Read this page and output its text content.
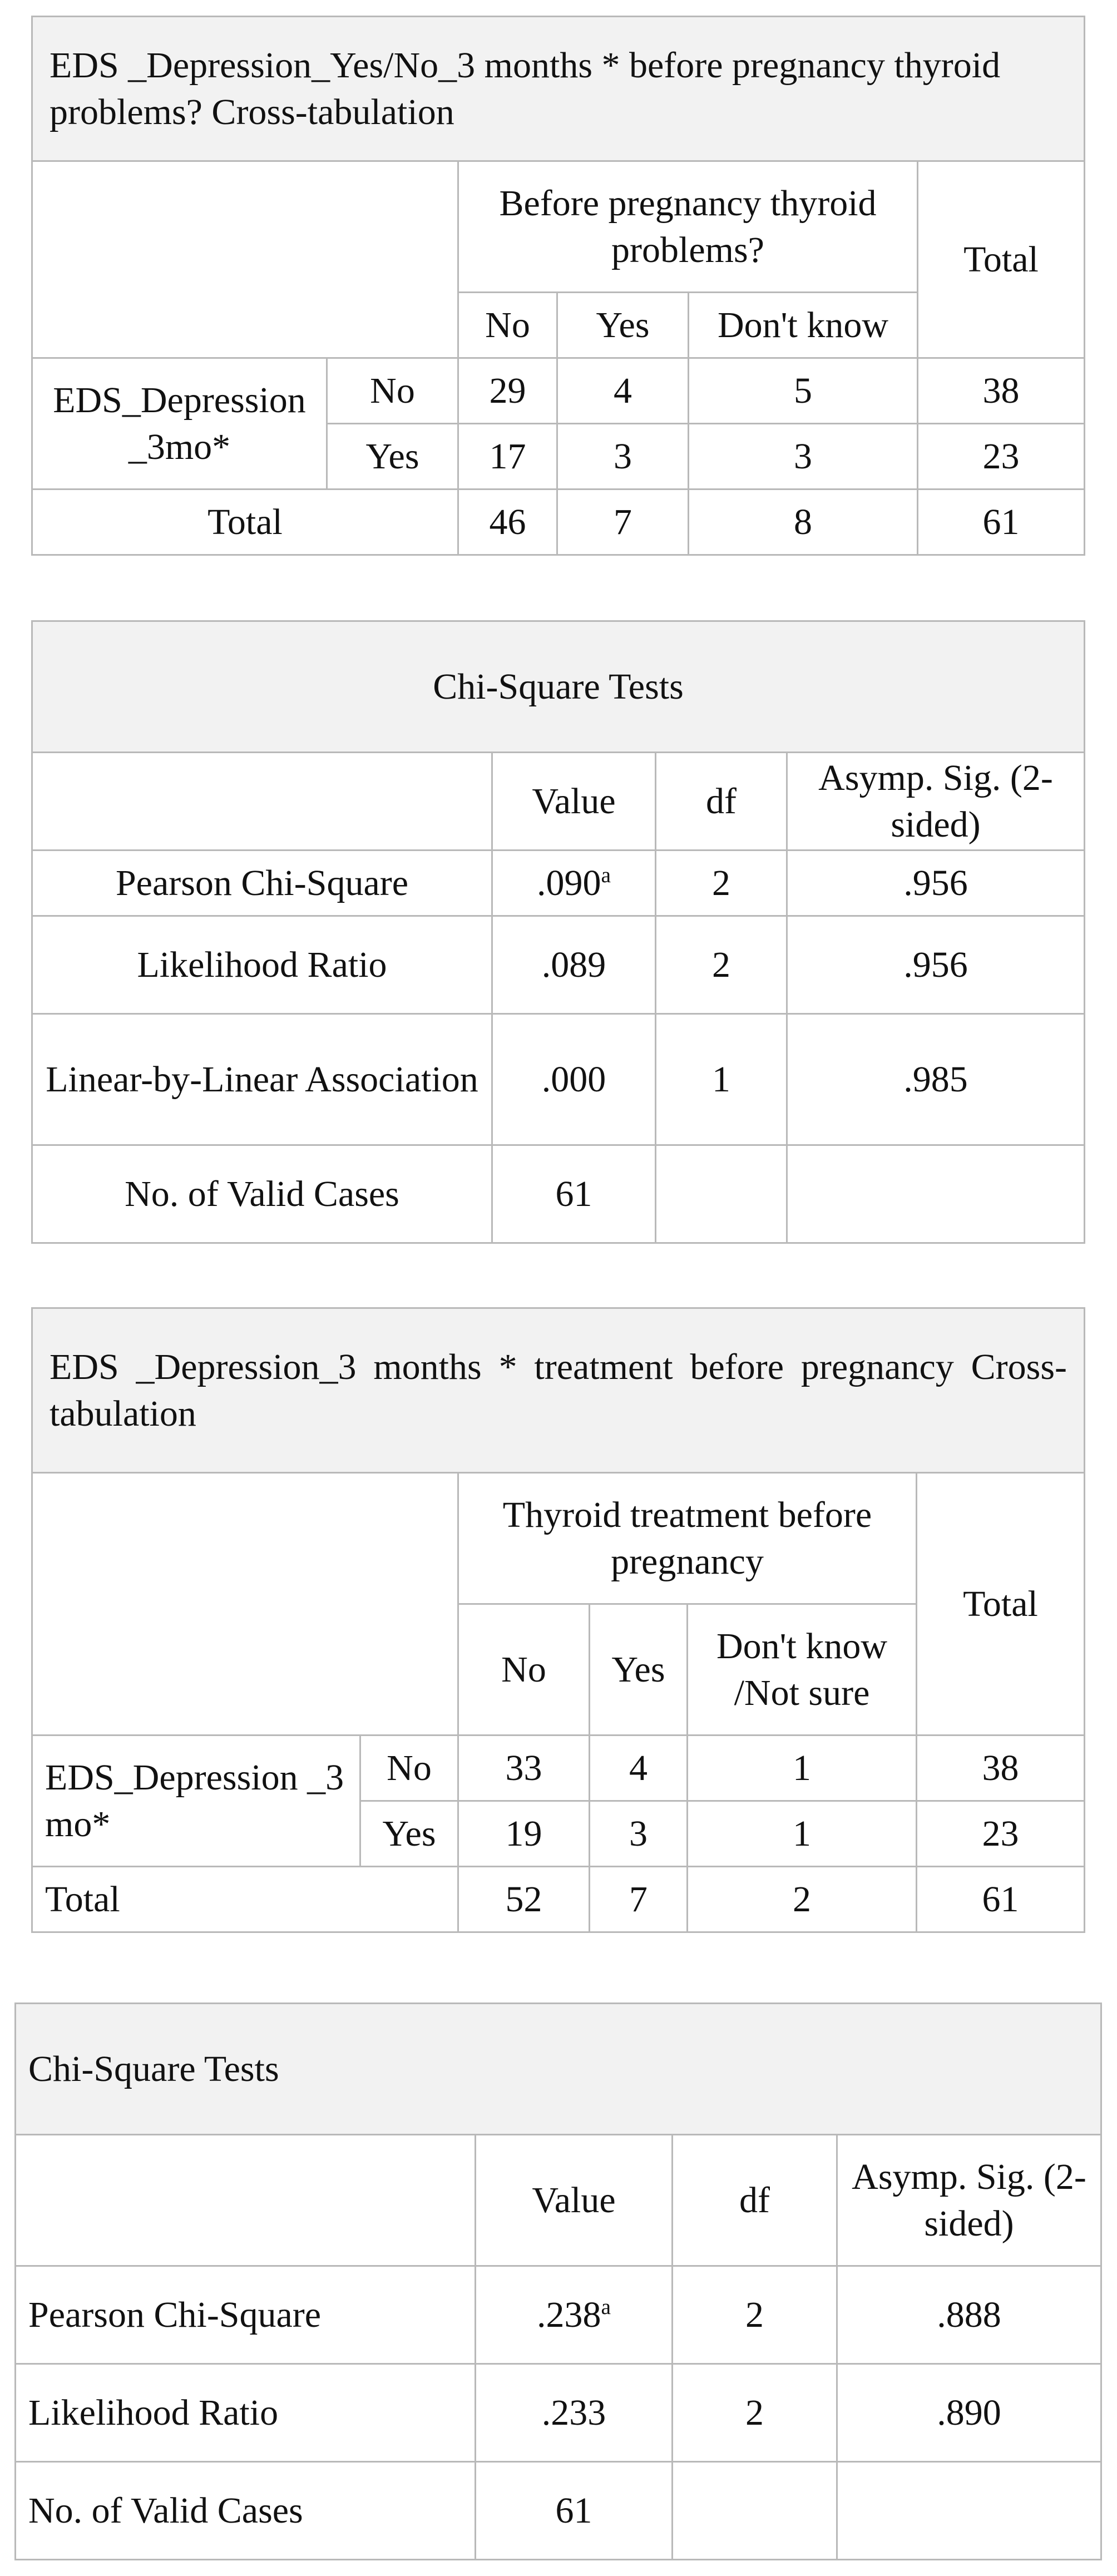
EDS _Depression_Yes/No_3 months * before pregnancy thyroid problems? Cross-tabulation					
		Before pregnancy thyroid problems?			Total
		No	Yes	Don't know	
EDS_Depression _3mo*	No	29	4	5	38
	Yes	17	3	3	23
Total		46	7	8	61
Chi-Square Tests			
	Value	df	Asymp. Sig. (2-sided)
Pearson Chi-Square	.090$^a$	2	.956
Likelihood Ratio	.089	2	.956
Linear-by-Linear Association	.000	1	.985
No. of Valid Cases	61		
EDS _Depression_3 months * treatment before pregnancy Cross-tabulation					
		Thyroid treatment before pregnancy			Total
		No	Yes	Don't know /Not sure	
EDS_Depression _3 mo*	No	33	4	1	38
	Yes	19	3	1	23
Total		52	7	2	61
Chi-Square Tests			
	Value	df	Asymp. Sig. (2-sided)
Pearson Chi-Square	.238$^a$	2	.888
Likelihood Ratio	.233	2	.890
No. of Valid Cases	61		
